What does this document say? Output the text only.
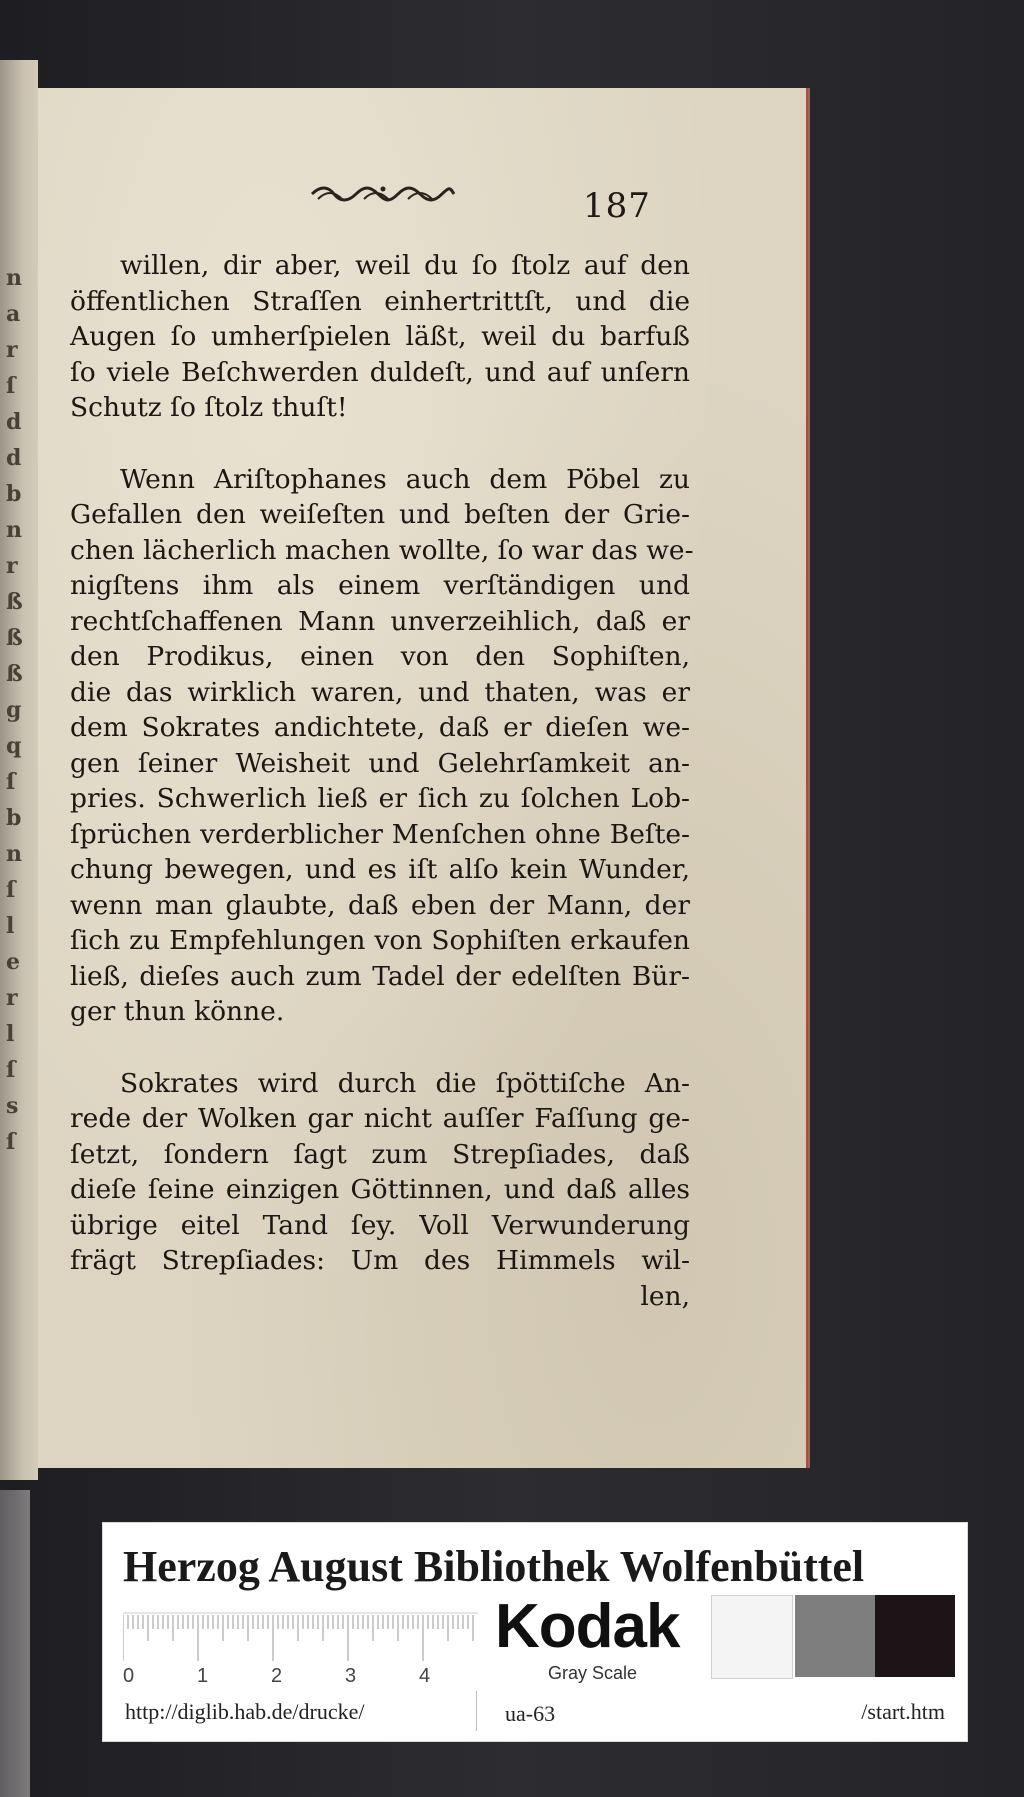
n
a
r
ſ
d
d
b
n
r
ß
ß
ß
g
q
ſ
b
n
ſ
l
e
r
l
ſ
s
ſ
187
willen, dir aber, weil du ſo ſtolz auf den
öffentlichen Straſſen einhertrittſt, und die
Augen ſo umherſpielen läßt, weil du barfuß
ſo viele Beſchwerden duldeſt, und auf unſern
Schutz ſo ſtolz thuſt!
Wenn Ariſtophanes auch dem Pöbel zu
Gefallen den weiſeſten und beſten der Grie-
chen lächerlich machen wollte, ſo war das we-
nigſtens ihm als einem verſtändigen und
rechtſchaffenen Mann unverzeihlich, daß er
den Prodikus, einen von den Sophiſten,
die das wirklich waren, und thaten, was er
dem Sokrates andichtete, daß er dieſen we-
gen ſeiner Weisheit und Gelehrſamkeit an-
pries. Schwerlich ließ er ſich zu ſolchen Lob-
ſprüchen verderblicher Menſchen ohne Beſte-
chung bewegen, und es iſt alſo kein Wunder,
wenn man glaubte, daß eben der Mann, der
ſich zu Empfehlungen von Sophiſten erkaufen
ließ, dieſes auch zum Tadel der edelſten Bür-
ger thun könne.
Sokrates wird durch die ſpöttiſche An-
rede der Wolken gar nicht auſſer Faſſung ge-
ſetzt, ſondern ſagt zum Strepſiades, daß
dieſe ſeine einzigen Göttinnen, und daß alles
übrige eitel Tand ſey. Voll Verwunderung
frägt Strepſiades: Um des Himmels wil-
len,
Herzog August Bibliothek Wolfenbüttel
0	1	2	3	4
Kodak
Gray Scale
http://diglib.hab.de/drucke/	ua-63	/start.htm
